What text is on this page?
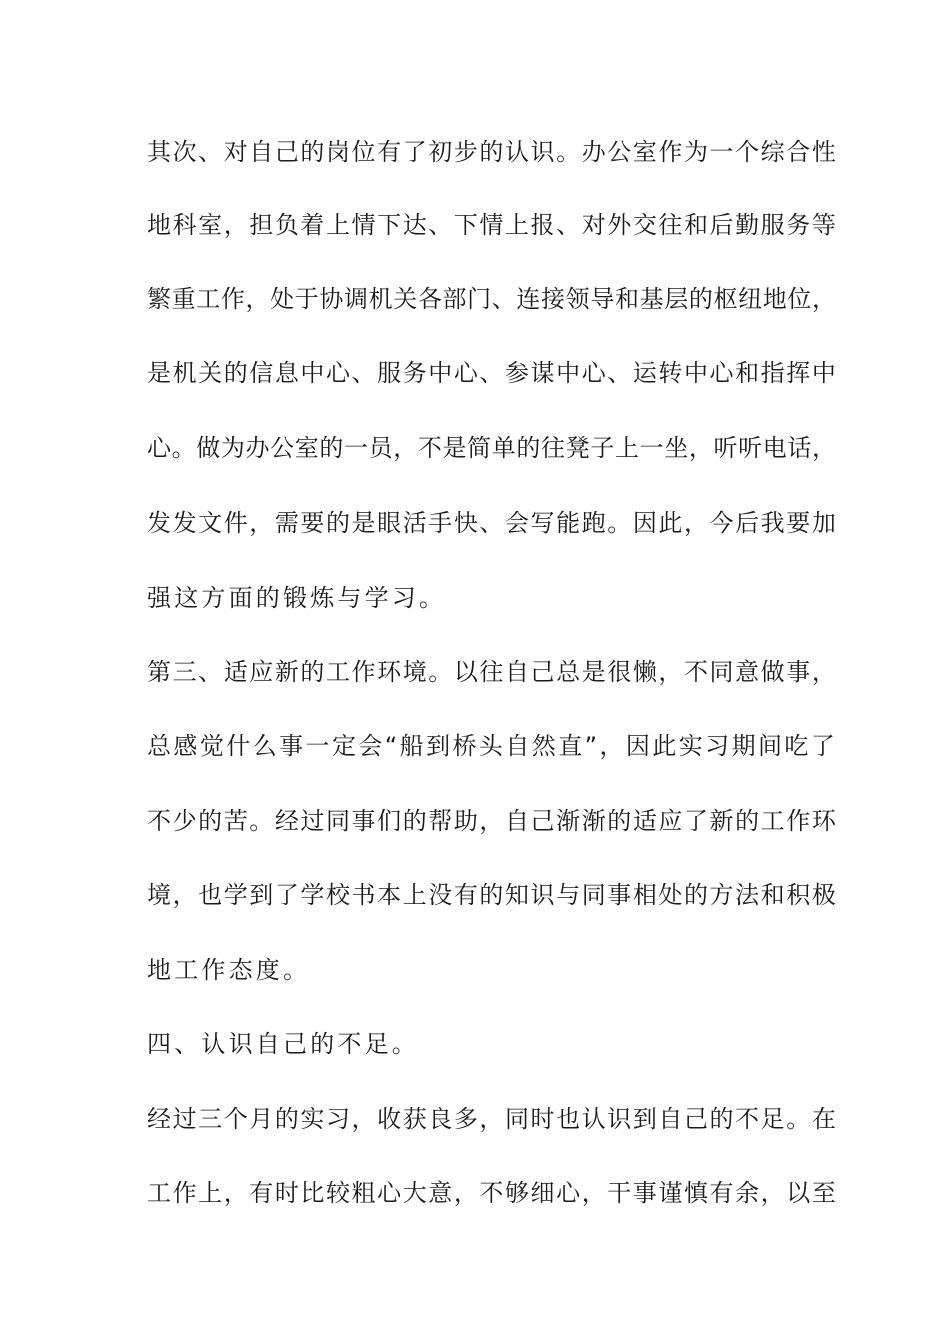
其次、对自己的岗位有了初步的认识。办公室作为一个综合性
地科室，担负着上情下达、下情上报、对外交往和后勤服务等
繁重工作，处于协调机关各部门、连接领导和基层的枢纽地位，
是机关的信息中心、服务中心、参谋中心、运转中心和指挥中
心。做为办公室的一员，不是简单的往凳子上一坐，听听电话，
发发文件，需要的是眼活手快、会写能跑。因此，今后我要加
强这方面的锻炼与学习。
第三、适应新的工作环境。以往自己总是很懒，不同意做事，
总感觉什么事一定会“船到桥头自然直”，因此实习期间吃了
不少的苦。经过同事们的帮助，自己渐渐的适应了新的工作环
境，也学到了学校书本上没有的知识与同事相处的方法和积极
地工作态度。
四、认识自己的不足。
经过三个月的实习，收获良多，同时也认识到自己的不足。在
工作上，有时比较粗心大意，不够细心，干事谨慎有余，以至
